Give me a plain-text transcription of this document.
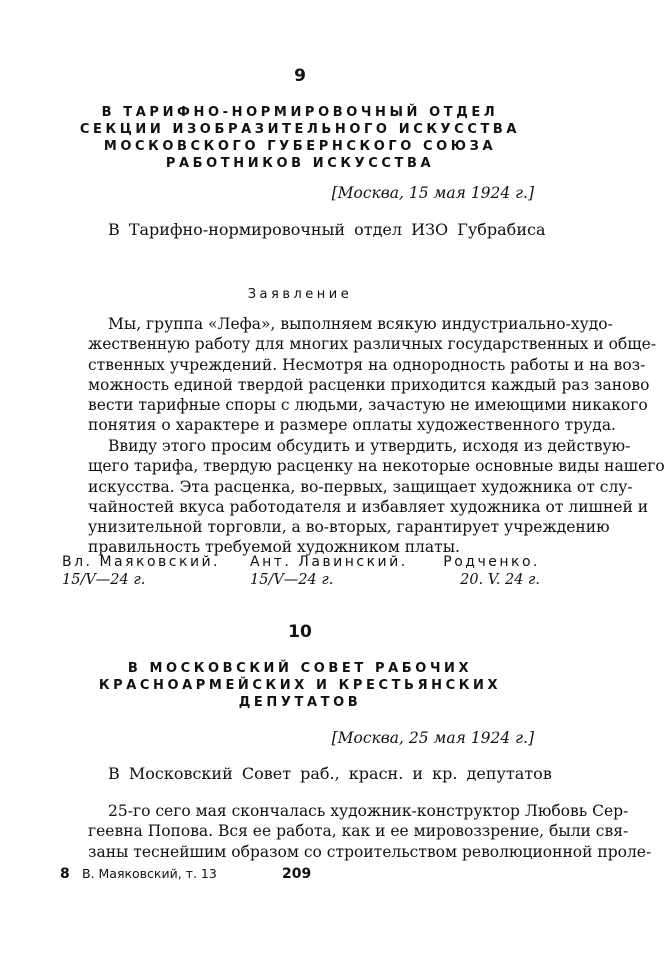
9
В ТАРИФНО-НОРМИРОВОЧНЫЙ ОТДЕЛ
СЕКЦИИ ИЗОБРАЗИТЕЛЬНОГО ИСКУССТВА
МОСКОВСКОГО ГУБЕРНСКОГО СОЮЗА
РАБОТНИКОВ ИСКУССТВА
[Москва, 15 мая 1924 г.]
В Тарифно-нормировочный отдел ИЗО Губрабиса
Заявление
Мы, группа «Лефа», выполняем всякую индустриально-худо-
жественную работу для многих различных государственных и обще-
ственных учреждений. Несмотря на однородность работы и на воз-
можность единой твердой расценки приходится каждый раз заново
вести тарифные споры с людьми, зачастую не имеющими никакого
понятия о характере и размере оплаты художественного труда.
Ввиду этого просим обсудить и утвердить, исходя из действую-
щего тарифа, твердую расценку на некоторые основные виды нашего
искусства. Эта расценка, во-первых, защищает художника от слу-
чайностей вкуса работодателя и избавляет художника от лишней и
унизительной торговли, а во-вторых, гарантирует учреждению
правильность требуемой художником платы.
Вл. Маяковский.
15/V—24 г.
Ант. Лавинский.
15/V—24 г.
Родченко.
20. V. 24 г.
10
В МОСКОВСКИЙ СОВЕТ РАБОЧИХ
КРАСНОАРМЕЙСКИХ И КРЕСТЬЯНСКИХ
ДЕПУТАТОВ
[Москва, 25 мая 1924 г.]
В Московский Совет раб., красн. и кр. депутатов
25-го сего мая скончалась художник-конструктор Любовь Сер-
геевна Попова. Вся ее работа, как и ее мировоззрение, были свя-
заны теснейшим образом со строительством революционной проле-
8 В. Маяковский, т. 13	209
